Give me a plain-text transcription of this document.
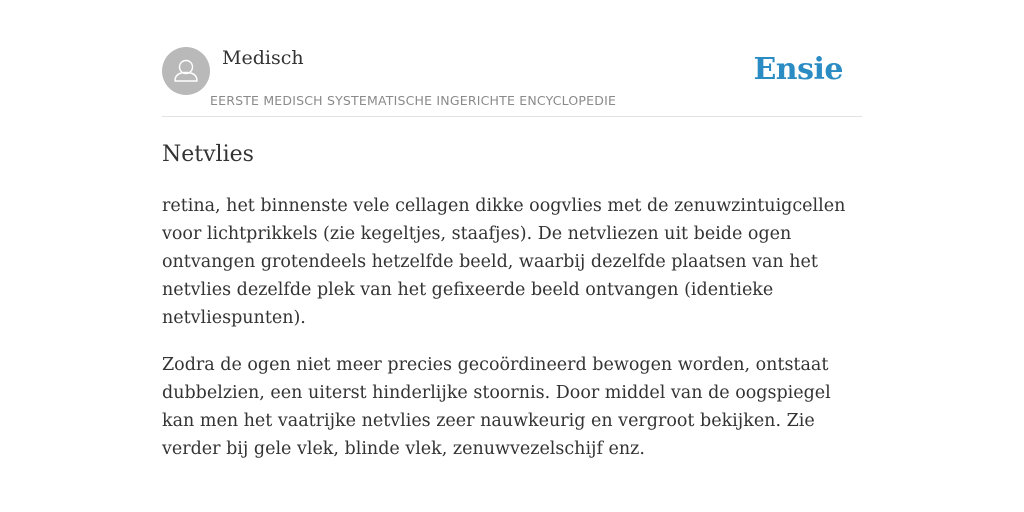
Medisch
EERSTE MEDISCH SYSTEMATISCHE INGERICHTE ENCYCLOPEDIE
Ensie
Netvlies

retina, het binnenste vele cellagen dikke oogvlies met de zenuwzintuigcellen voor lichtprikkels (zie kegeltjes, staafjes). De netvliezen uit beide ogen ontvangen grotendeels hetzelfde beeld, waarbij dezelfde plaatsen van het netvlies dezelfde plek van het gefixeerde beeld ontvangen (identieke netvliespunten).

Zodra de ogen niet meer precies gecoördineerd bewogen worden, ontstaat dubbelzien, een uiterst hinderlijke stoornis. Door middel van de oogspiegel kan men het vaatrijke netvlies zeer nauwkeurig en vergroot bekijken. Zie verder bij gele vlek, blinde vlek, zenuwvezelschijf enz.
